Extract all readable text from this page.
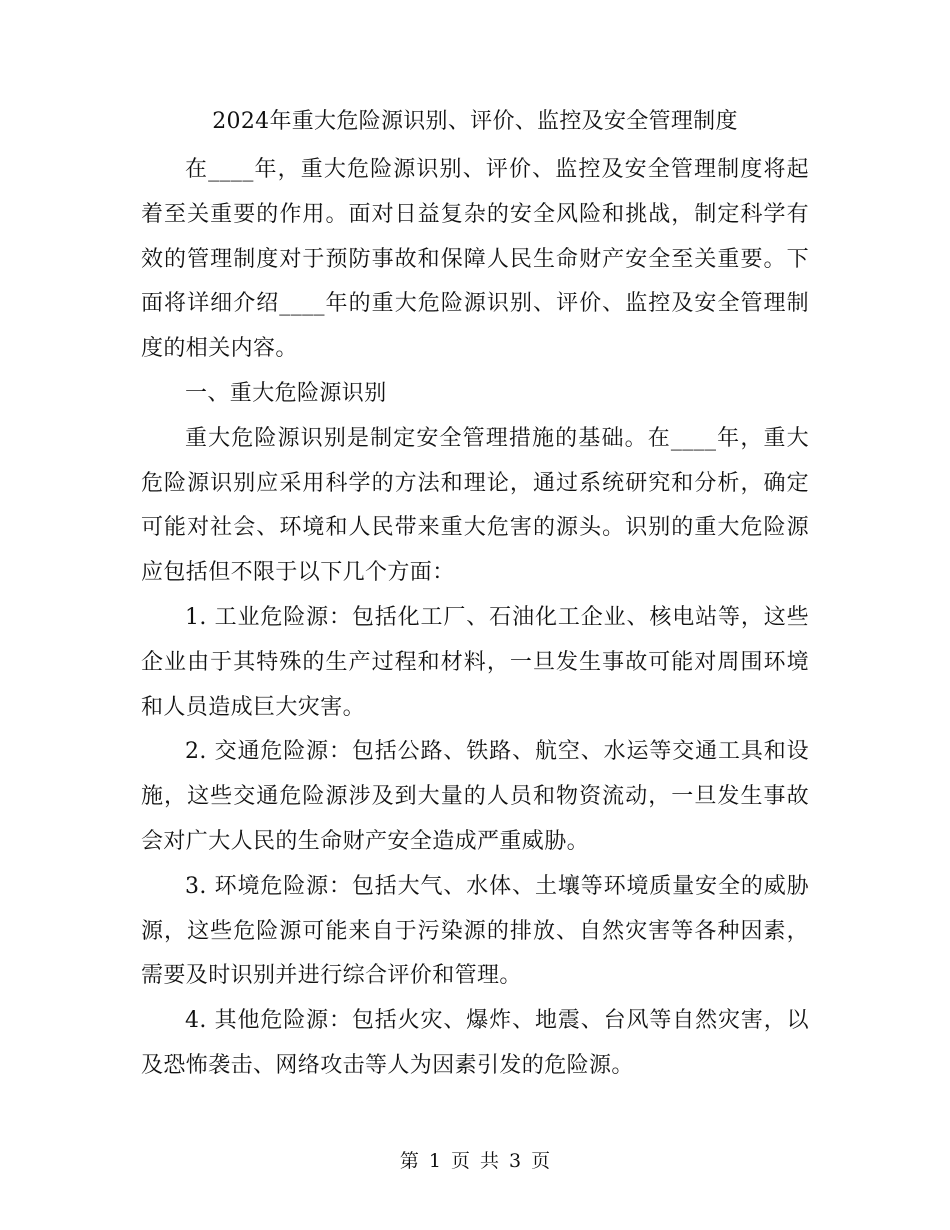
2024年重大危险源识别、评价、监控及安全管理制度

在____年，重大危险源识别、评价、监控及安全管理制度将起着至关重要的作用。面对日益复杂的安全风险和挑战，制定科学有效的管理制度对于预防事故和保障人民生命财产安全至关重要。下面将详细介绍____年的重大危险源识别、评价、监控及安全管理制度的相关内容。

一、重大危险源识别

重大危险源识别是制定安全管理措施的基础。在____年，重大危险源识别应采用科学的方法和理论，通过系统研究和分析，确定可能对社会、环境和人民带来重大危害的源头。识别的重大危险源应包括但不限于以下几个方面：

1. 工业危险源：包括化工厂、石油化工企业、核电站等，这些企业由于其特殊的生产过程和材料，一旦发生事故可能对周围环境和人员造成巨大灾害。

2. 交通危险源：包括公路、铁路、航空、水运等交通工具和设施，这些交通危险源涉及到大量的人员和物资流动，一旦发生事故会对广大人民的生命财产安全造成严重威胁。

3. 环境危险源：包括大气、水体、土壤等环境质量安全的威胁源，这些危险源可能来自于污染源的排放、自然灾害等各种因素，需要及时识别并进行综合评价和管理。

4. 其他危险源：包括火灾、爆炸、地震、台风等自然灾害，以及恐怖袭击、网络攻击等人为因素引发的危险源。

第 1 页 共 3 页
